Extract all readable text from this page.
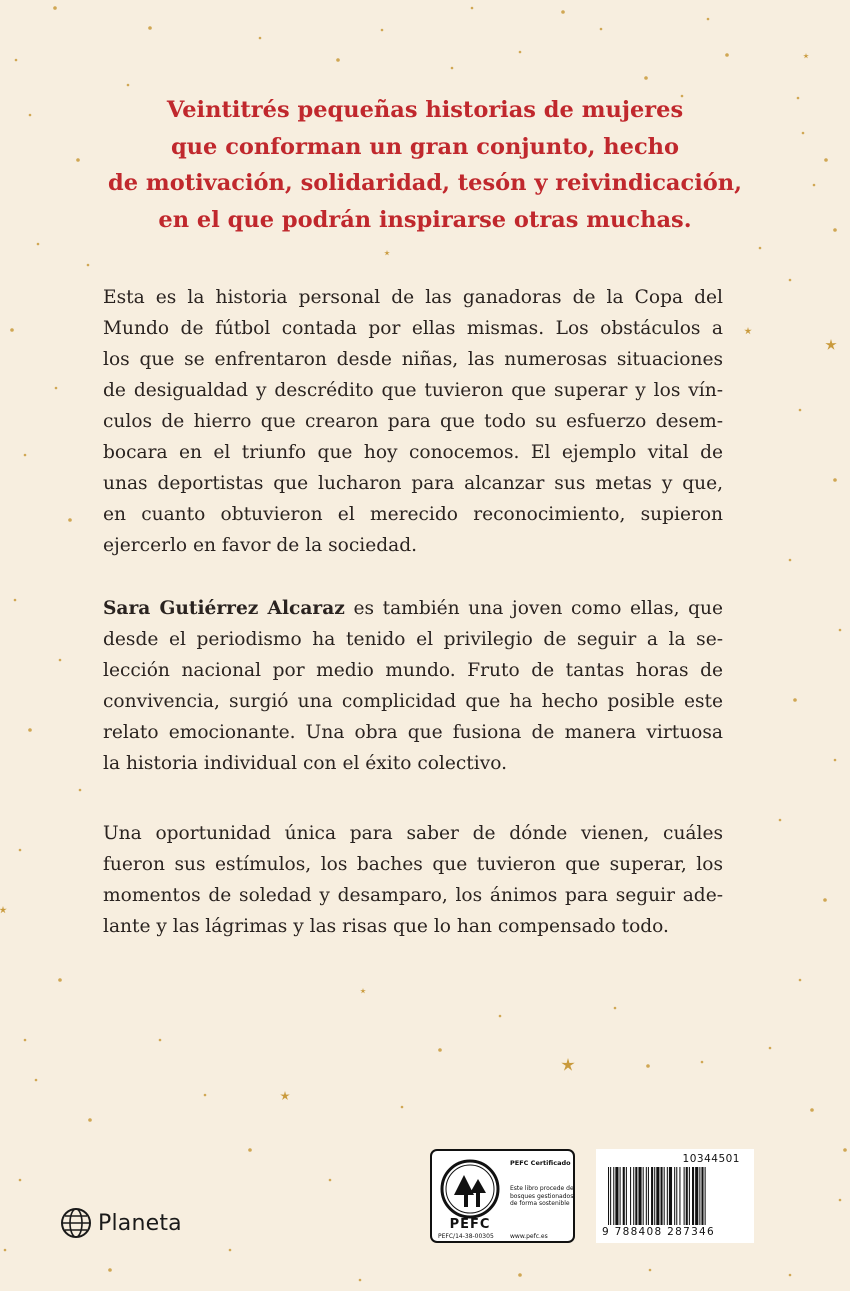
Veintitrés pequeñas historias de mujeres
que conforman un gran conjunto, hecho
de motivación, solidaridad, tesón y reivindicación,
en el que podrán inspirarse otras muchas.

Esta es la historia personal de las ganadoras de la Copa del
Mundo de fútbol contada por ellas mismas. Los obstáculos a
los que se enfrentaron desde niñas, las numerosas situaciones
de desigualdad y descrédito que tuvieron que superar y los vín-
culos de hierro que crearon para que todo su esfuerzo desem-
bocara en el triunfo que hoy conocemos. El ejemplo vital de
unas deportistas que lucharon para alcanzar sus metas y que,
en cuanto obtuvieron el merecido reconocimiento, supieron
ejercerlo en favor de la sociedad.

Sara Gutiérrez Alcaraz es también una joven como ellas, que
desde el periodismo ha tenido el privilegio de seguir a la se-
lección nacional por medio mundo. Fruto de tantas horas de
convivencia, surgió una complicidad que ha hecho posible este
relato emocionante. Una obra que fusiona de manera virtuosa
la historia individual con el éxito colectivo.

Una oportunidad única para saber de dónde vienen, cuáles
fueron sus estímulos, los baches que tuvieron que superar, los
momentos de soledad y desamparo, los ánimos para seguir ade-
lante y las lágrimas y las risas que lo han compensado todo.

Planeta	PEFC
PEFC/14-38-00305
PEFC Certificado
Este libro procede de bosques gestionados de forma sostenible
www.pefc.es
10344501
9 788408 287346
